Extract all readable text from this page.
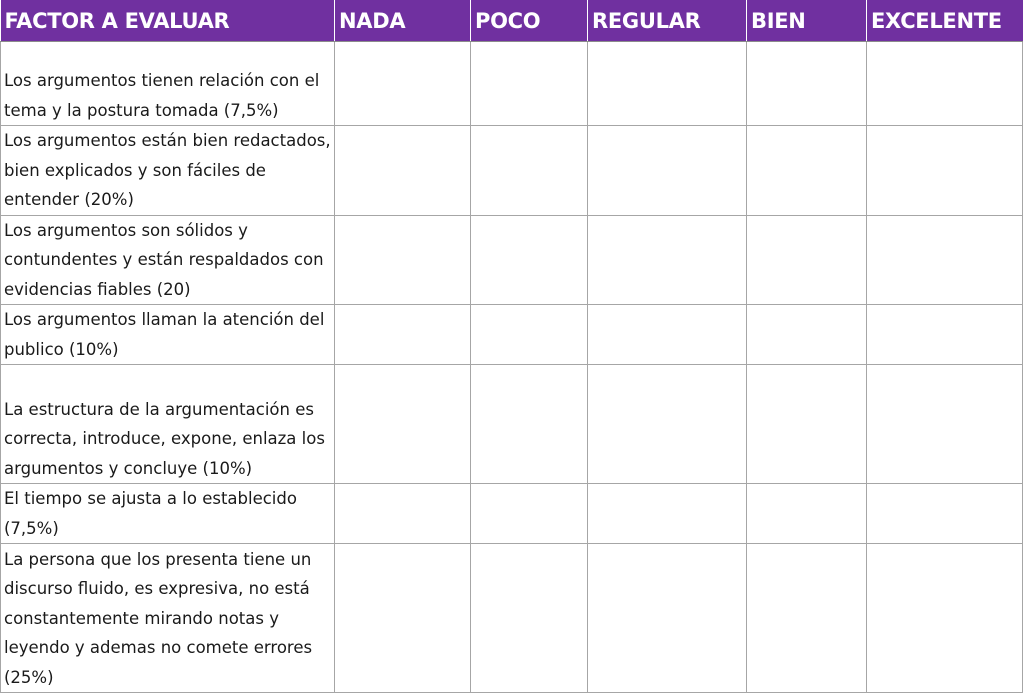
FACTOR A EVALUAR	NADA	POCO	REGULAR	BIEN	EXCELENTE
Los argumentos tienen relación con el tema y la postura tomada (7,5%)					
Los argumentos están bien redactados, bien explicados y son fáciles de entender (20%)					
Los argumentos son sólidos y contundentes y están respaldados con evidencias fiables (20)					
Los argumentos llaman la atención del publico (10%)					
La estructura de la argumentación es correcta, introduce, expone, enlaza los argumentos y concluye (10%)					
El tiempo se ajusta a lo establecido (7,5%)					
La persona que los presenta tiene un discurso fluido, es expresiva, no está constantemente mirando notas y leyendo y ademas no comete errores (25%)					
